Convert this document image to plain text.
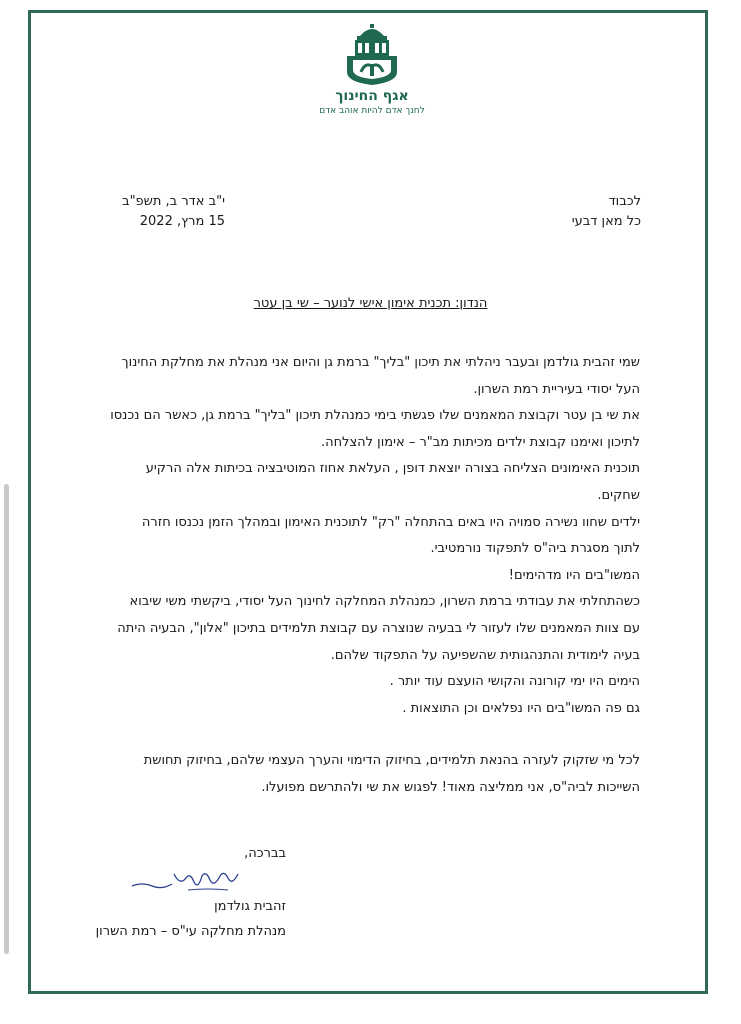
אגף החינוך
לחנך אדם להיות אוהב אדם
לכבוד
כל מאן דבעי
י"ב אדר ב, תשפ"ב
15 מרץ, 2022
הנדון: תכנית אימון אישי לנוער – שי בן עטר
שמי זהבית גולדמן ובעבר ניהלתי את תיכון "בליך" ברמת גן והיום אני מנהלת את מחלקת החינוך
העל יסודי בעיריית רמת השרון.
את שי בן עטר וקבוצת המאמנים שלו פגשתי בימי כמנהלת תיכון "בליך" ברמת גן, כאשר הם נכנסו
לתיכון ואימנו קבוצת ילדים מכיתות מב"ר – אימון להצלחה.
תוכנית האימונים הצליחה בצורה יוצאת דופן , העלאת אחוז המוטיבציה בכיתות אלה הרקיע
שחקים.
ילדים שחוו נשירה סמויה היו באים בהתחלה "רק" לתוכנית האימון ובמהלך הזמן נכנסו חזרה
לתוך מסגרת ביה"ס לתפקוד נורמטיבי.
המשו"בים היו מדהימים!
כשהתחלתי את עבודתי ברמת השרון, כמנהלת המחלקה לחינוך העל יסודי, ביקשתי משי שיבוא
עם צוות המאמנים שלו לעזור לי בבעיה שנוצרה עם קבוצת תלמידים בתיכון "אלון", הבעיה היתה
בעיה לימודית והתנהגותית שהשפיעה על התפקוד שלהם.
הימים היו ימי קורונה והקושי הועצם עוד יותר .
גם פה המשו"בים היו נפלאים וכן התוצאות .
לכל מי שזקוק לעזרה בהנאת תלמידים, בחיזוק הדימוי והערך העצמי שלהם, בחיזוק תחושת
השייכות לביה"ס, אני ממליצה מאוד! לפגוש את שי ולהתרשם מפועלו.
בברכה,
זהבית גולדמן
מנהלת מחלקה עי"ס – רמת השרון
